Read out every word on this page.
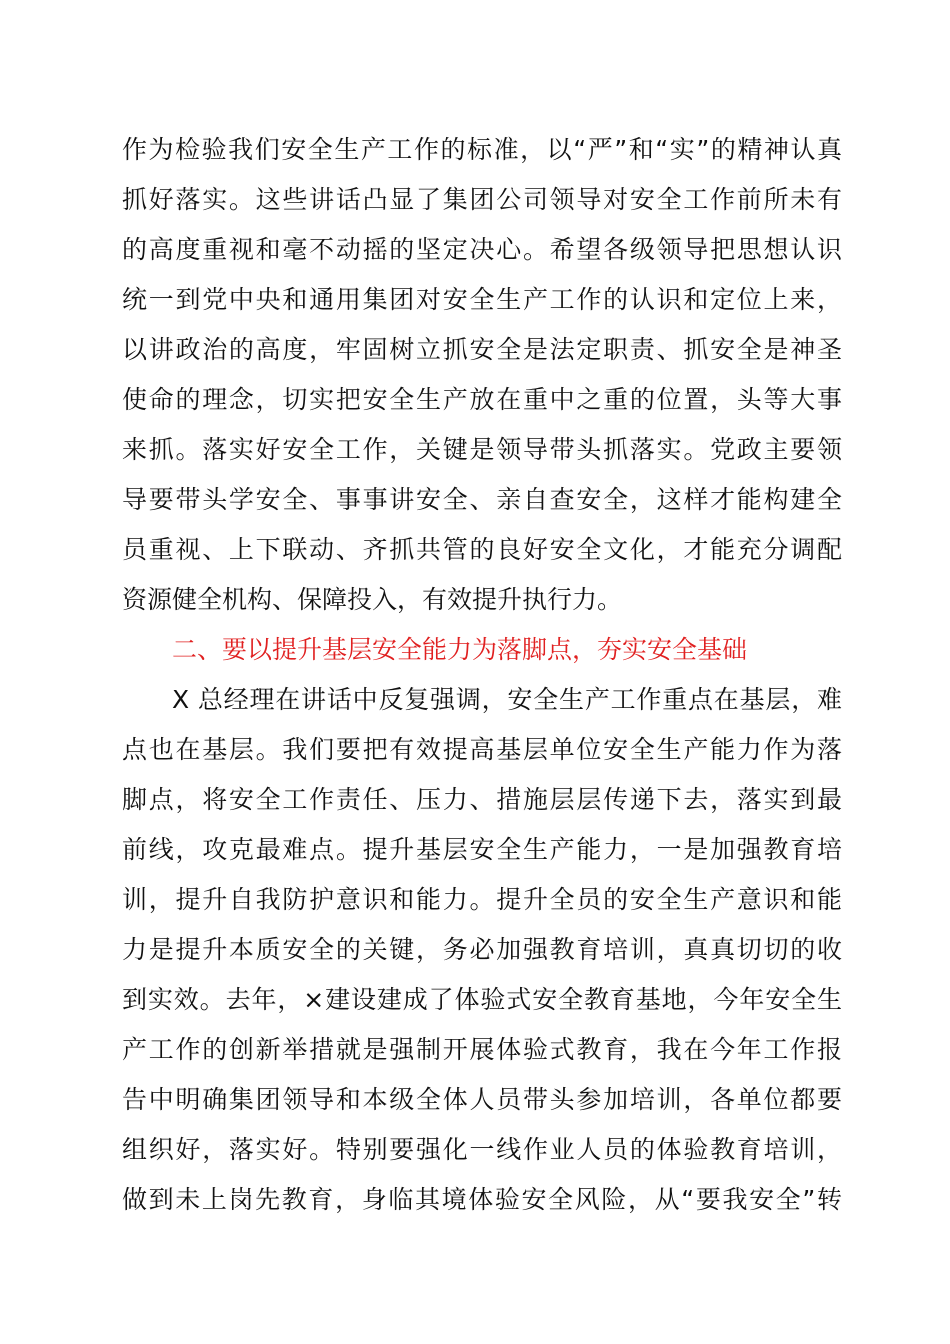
作为检验我们安全生产工作的标准，以“严”和“实”的精神认真
抓好落实。这些讲话凸显了集团公司领导对安全工作前所未有
的高度重视和毫不动摇的坚定决心。希望各级领导把思想认识
统一到党中央和通用集团对安全生产工作的认识和定位上来，
以讲政治的高度，牢固树立抓安全是法定职责、抓安全是神圣
使命的理念，切实把安全生产放在重中之重的位置，头等大事
来抓。落实好安全工作，关键是领导带头抓落实。党政主要领
导要带头学安全、事事讲安全、亲自查安全，这样才能构建全
员重视、上下联动、齐抓共管的良好安全文化，才能充分调配
资源健全机构、保障投入，有效提升执行力。
二、要以提升基层安全能力为落脚点，夯实安全基础
X 总经理在讲话中反复强调，安全生产工作重点在基层，难
点也在基层。我们要把有效提高基层单位安全生产能力作为落
脚点，将安全工作责任、压力、措施层层传递下去，落实到最
前线，攻克最难点。提升基层安全生产能力，一是加强教育培
训，提升自我防护意识和能力。提升全员的安全生产意识和能
力是提升本质安全的关键，务必加强教育培训，真真切切的收
到实效。去年，×建设建成了体验式安全教育基地，今年安全生
产工作的创新举措就是强制开展体验式教育，我在今年工作报
告中明确集团领导和本级全体人员带头参加培训，各单位都要
组织好，落实好。特别要强化一线作业人员的体验教育培训，
做到未上岗先教育，身临其境体验安全风险，从“要我安全”转
